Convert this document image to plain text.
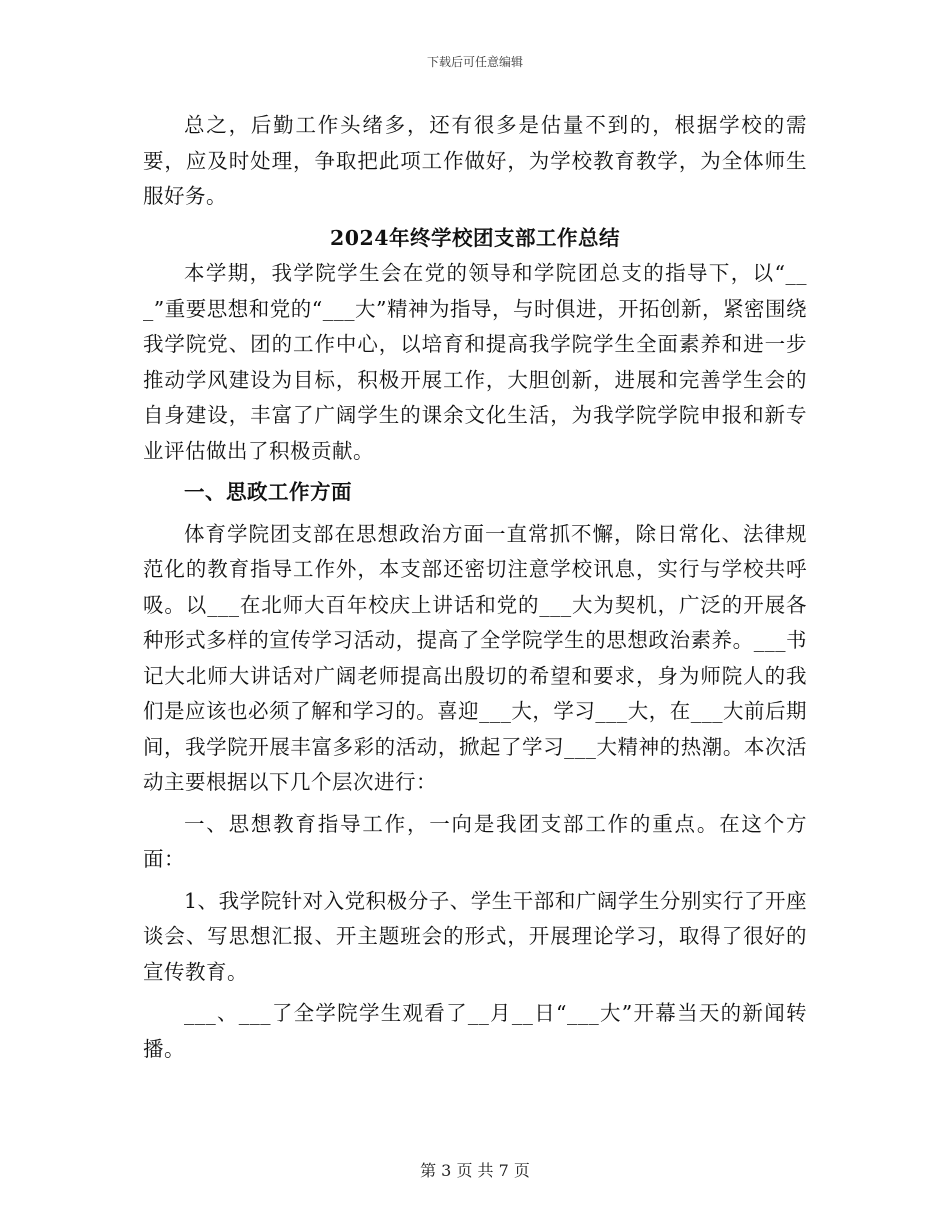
下载后可任意编辑

总之，后勤工作头绪多，还有很多是估量不到的，根据学校的需要，应及时处理，争取把此项工作做好，为学校教育教学，为全体师生服好务。

2024年终学校团支部工作总结

本学期，我学院学生会在党的领导和学院团总支的指导下，以“___”重要思想和党的“___大”精神为指导，与时俱进，开拓创新，紧密围绕我学院党、团的工作中心，以培育和提高我学院学生全面素养和进一步推动学风建设为目标，积极开展工作，大胆创新，进展和完善学生会的自身建设，丰富了广阔学生的课余文化生活，为我学院学院申报和新专业评估做出了积极贡献。

一、思政工作方面

体育学院团支部在思想政治方面一直常抓不懈，除日常化、法律规范化的教育指导工作外，本支部还密切注意学校讯息，实行与学校共呼吸。以___在北师大百年校庆上讲话和党的___大为契机，广泛的开展各种形式多样的宣传学习活动，提高了全学院学生的思想政治素养。___书记大北师大讲话对广阔老师提高出殷切的希望和要求，身为师院人的我们是应该也必须了解和学习的。喜迎___大，学习___大，在___大前后期间，我学院开展丰富多彩的活动，掀起了学习___大精神的热潮。本次活动主要根据以下几个层次进行：

一、思想教育指导工作，一向是我团支部工作的重点。在这个方面：

1、我学院针对入党积极分子、学生干部和广阔学生分别实行了开座谈会、写思想汇报、开主题班会的形式，开展理论学习，取得了很好的宣传教育。

___、___了全学院学生观看了__月__日“___大”开幕当天的新闻转播。

第 3 页 共 7 页
